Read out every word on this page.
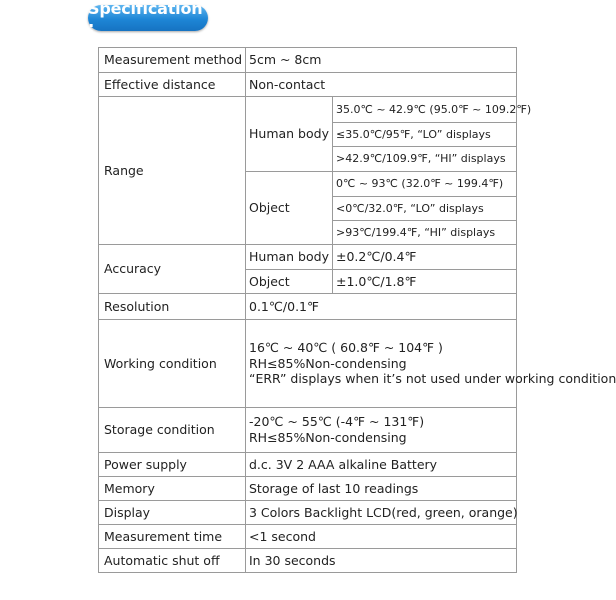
Specification :
Measurement method	5cm ~ 8cm	
Effective distance	Non-contact	
Range	Human body	35.0℃ ~ 42.9℃ (95.0℉ ~ 109.2℉)
		≤35.0℃/95℉, “LO” displays
		>42.9℃/109.9℉, “HI” displays
	Object	0℃ ~ 93℃ (32.0℉ ~ 199.4℉)
		<0℃/32.0℉, “LO” displays
		>93℃/199.4℉, “HI” displays
Accuracy	Human body	±0.2℃/0.4℉
	Object	±1.0℃/1.8℉
Resolution	0.1℃/0.1℉	
Working condition	16℃ ~ 40℃ ( 60.8℉ ~ 104℉ )
RH≤85%Non-condensing
“ERR” displays when it’s not used under working condition	

Storage condition	-20℃ ~ 55℃ (-4℉ ~ 131℉)
RH≤85%Non-condensing	

Power supply	d.c. 3V 2 AAA alkaline Battery	
Memory	Storage of last 10 readings	
Display	3 Colors Backlight LCD(red, green, orange)	
Measurement time	<1 second	
Automatic shut off	In 30 seconds	
